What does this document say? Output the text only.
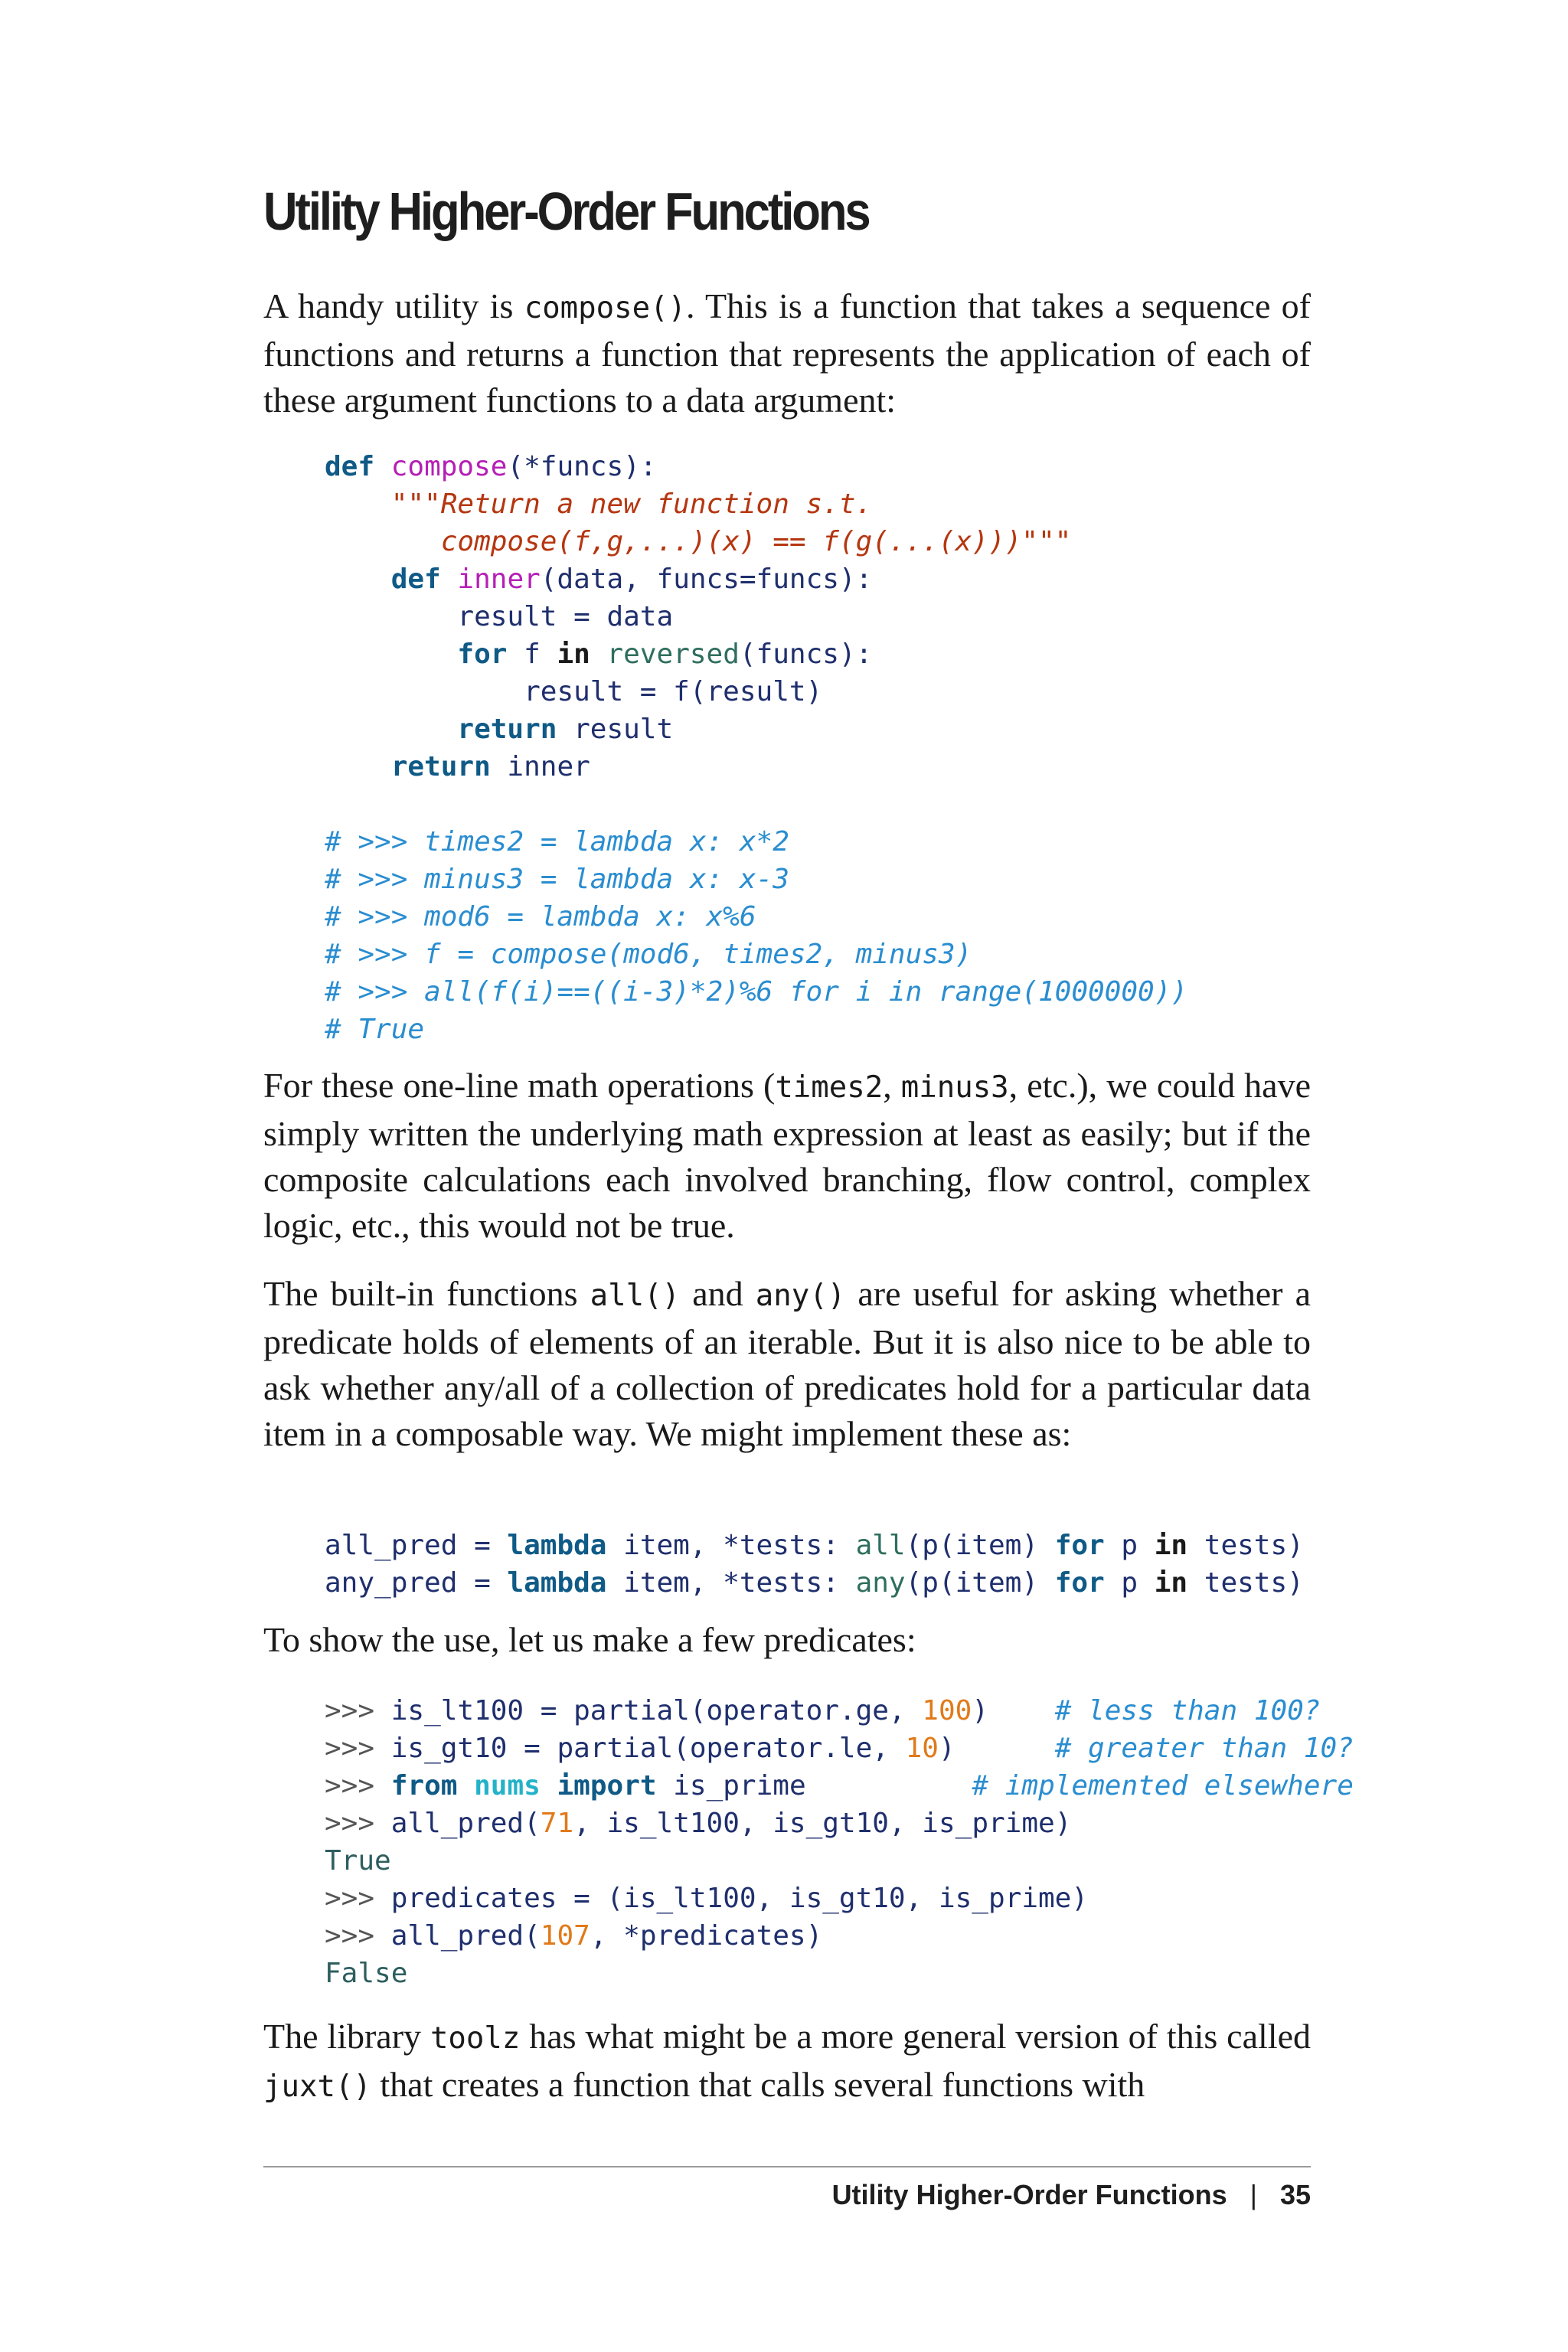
Utility Higher-Order Functions

A handy utility is compose(). This is a function that takes a sequence of functions and returns a function that represents the application of each of these argument functions to a data argument:

def compose(*funcs):
"""Return a new function s.t.
compose(f,g,...)(x) == f(g(...(x)))"""
def inner(data, funcs=funcs):
result = data
for f in reversed(funcs):
result = f(result)
return result
return inner

# >>> times2 = lambda x: x*2
# >>> minus3 = lambda x: x-3
# >>> mod6 = lambda x: x%6
# >>> f = compose(mod6, times2, minus3)
# >>> all(f(i)==((i-3)*2)%6 for i in range(1000000))
# True

For these one-line math operations (times2, minus3, etc.), we could have simply written the underlying math expression at least as easily; but if the composite calculations each involved branching, flow control, complex logic, etc., this would not be true.

The built-in functions all() and any() are useful for asking whether a predicate holds of elements of an iterable. But it is also nice to be able to ask whether any/all of a collection of predicates hold for a particular data item in a composable way. We might implement these as:

all_pred = lambda item, *tests: all(p(item) for p in tests)
any_pred = lambda item, *tests: any(p(item) for p in tests)

To show the use, let us make a few predicates:

>>> is_lt100 = partial(operator.ge, 100) # less than 100?
>>> is_gt10 = partial(operator.le, 10)	# greater than 10?
>>> from nums import is_prime	# implemented elsewhere
>>> all_pred(71, is_lt100, is_gt10, is_prime)
True
>>> predicates = (is_lt100, is_gt10, is_prime)
>>> all_pred(107, *predicates)
False

The library toolz has what might be a more general version of this called juxt() that creates a function that calls several functions with

Utility Higher-Order Functions | 35
